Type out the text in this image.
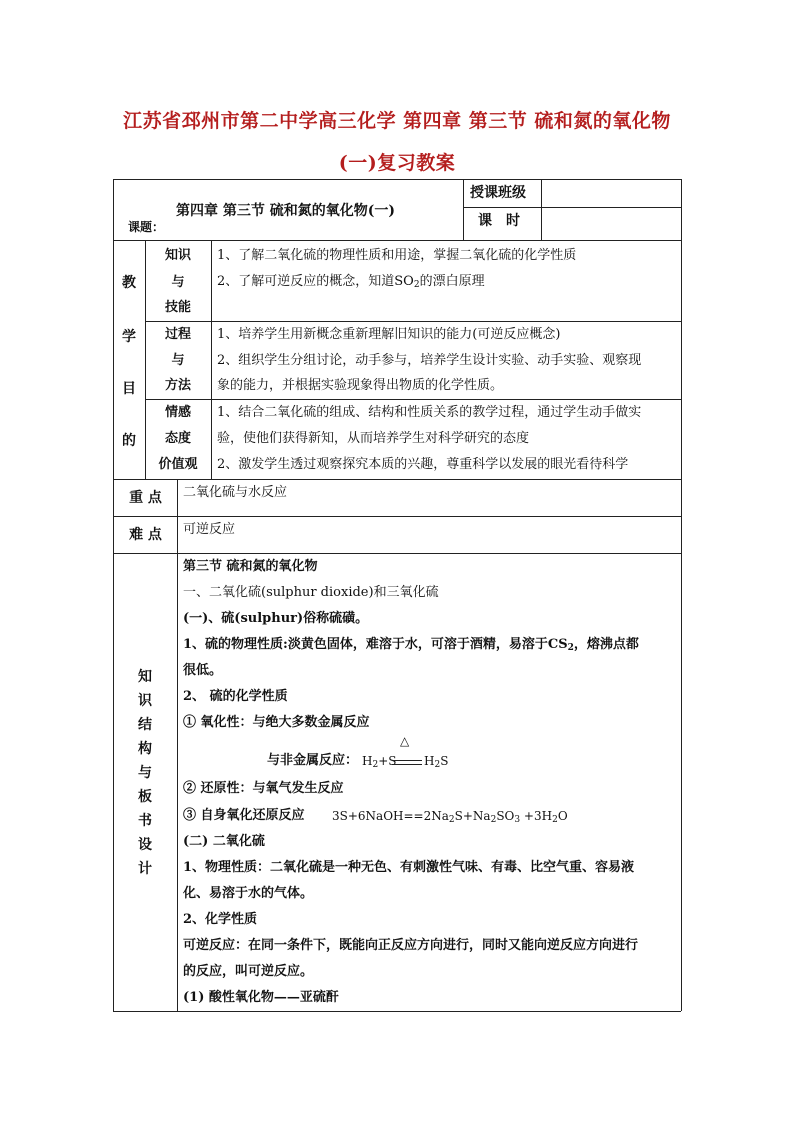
江苏省邳州市第二中学高三化学 第四章 第三节 硫和氮的氧化物
(一)复习教案
第四章 第三节 硫和氮的氧化物(一)
课题：
授课班级
课　时
教
学
目
的
知识
与
技能
1、了解二氧化硫的物理性质和用途，掌握二氧化硫的化学性质
2、了解可逆反应的概念，知道$SO_2$的漂白原理
过程
与
方法
1、培养学生用新概念重新理解旧知识的能力(可逆反应概念)
2、组织学生分组讨论，动手参与，培养学生设计实验、动手实验、观察现
象的能力，并根据实验现象得出物质的化学性质。
情感
态度
价值观
1、结合二氧化硫的组成、结构和性质关系的教学过程，通过学生动手做实
验，使他们获得新知，从而培养学生对科学研究的态度
2、激发学生透过观察探究本质的兴趣，尊重科学以发展的眼光看待科学
重 点	二氧化硫与水反应
难 点	可逆反应
知
识
结
构
与
板
书
设
计
第三节 硫和氮的氧化物
一、二氧化硫(sulphur dioxide)和三氧化硫
(一)、硫(sulphur)俗称硫磺。
1、硫的物理性质:淡黄色固体，难溶于水，可溶于酒精，易溶于$CS_2$，熔沸点都
很低。
2、 硫的化学性质
① 氧化性：与绝大多数金属反应
与非金属反应： $H_2+S$
△
$H_2S$
② 还原性：与氧气发生反应
③ 自身氧化还原反应 $3S+6NaOH==2Na_2S+Na_2SO_3 +3H_2O$
(二) 二氧化硫
1、物理性质：二氧化硫是一种无色、有刺激性气味、有毒、比空气重、容易液
化、易溶于水的气体。
2、化学性质
可逆反应：在同一条件下，既能向正反应方向进行，同时又能向逆反应方向进行
的反应，叫可逆反应。
(1) 酸性氧化物——亚硫酐
